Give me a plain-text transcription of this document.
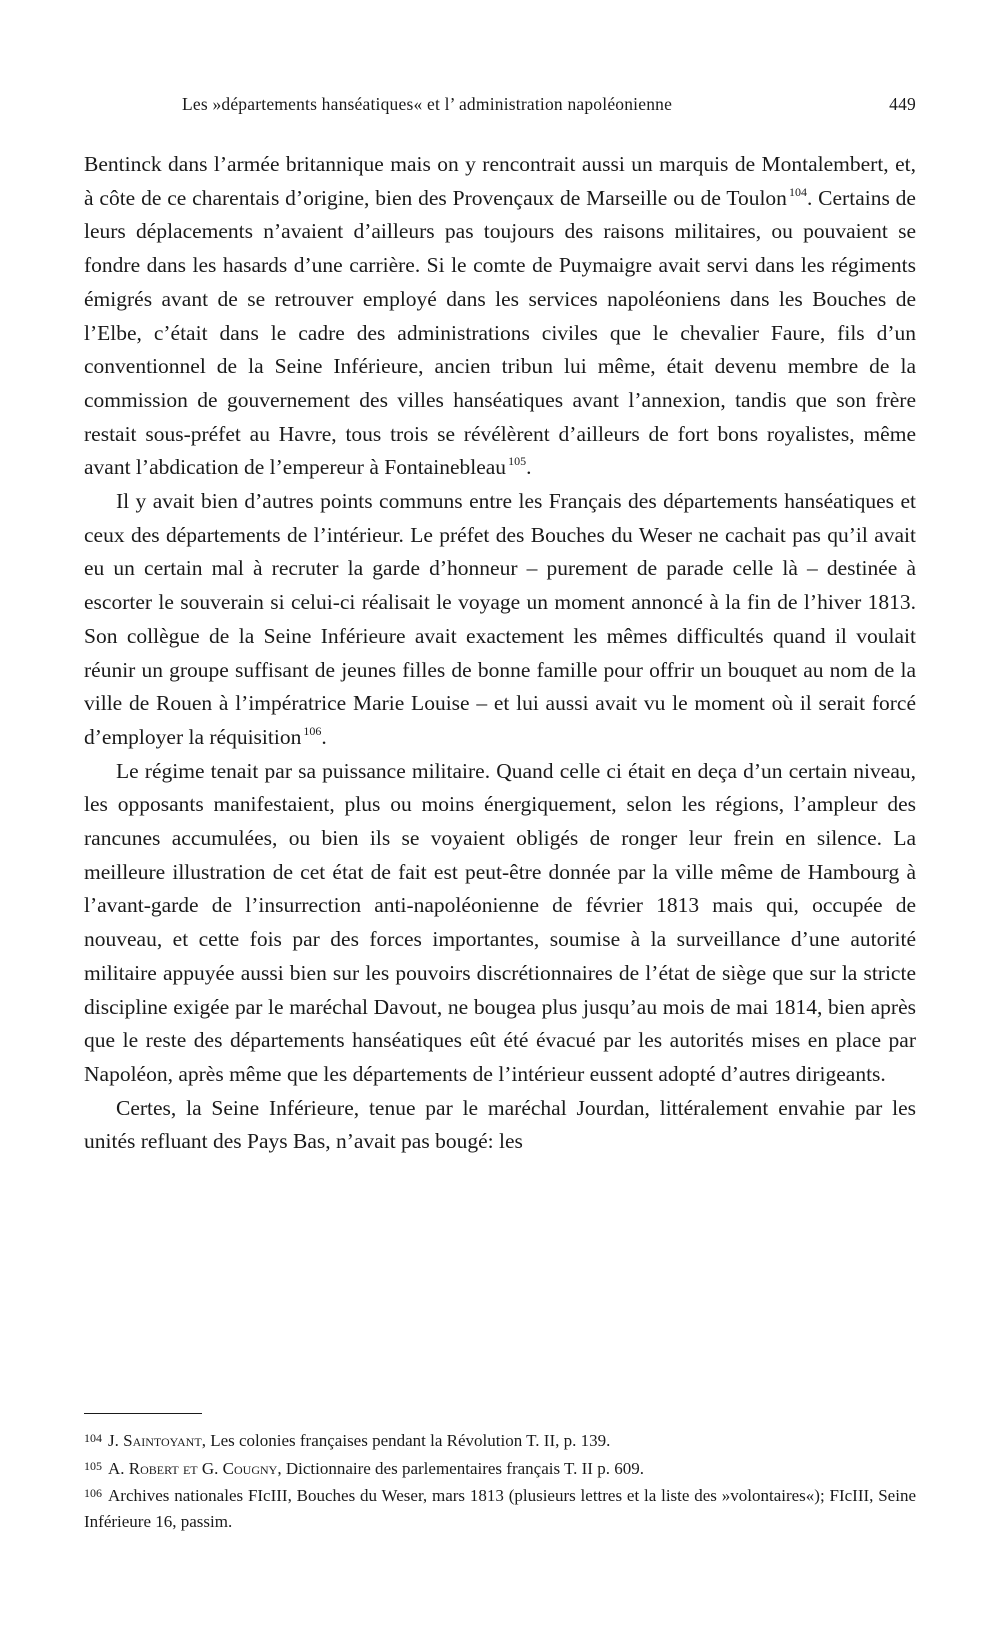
Les »départements hanséatiques« et l’ administration napoléonienne	449

Bentinck dans l’armée britannique mais on y rencontrait aussi un marquis de Montalembert, et, à côte de ce charentais d’origine, bien des Provençaux de Marseille ou de Toulon $^{104}$. Certains de leurs déplacements n’avaient d’ailleurs pas toujours des raisons militaires, ou pouvaient se fondre dans les hasards d’une carrière. Si le comte de Puymaigre avait servi dans les régiments émigrés avant de se retrouver employé dans les services napoléoniens dans les Bouches de l’Elbe, c’était dans le cadre des administrations civiles que le chevalier Faure, fils d’un conventionnel de la Seine Inférieure, ancien tribun lui même, était devenu membre de la commission de gouvernement des villes hanséatiques avant l’annexion, tandis que son frère restait sous-préfet au Havre, tous trois se révélèrent d’ailleurs de fort bons royalistes, même avant l’abdication de l’empereur à Fontainebleau $^{105}$.

Il y avait bien d’autres points communs entre les Français des départements hanséatiques et ceux des départements de l’intérieur. Le préfet des Bouches du Weser ne cachait pas qu’il avait eu un certain mal à recruter la garde d’honneur – purement de parade celle là – destinée à escorter le souverain si celui-ci réalisait le voyage un moment annoncé à la fin de l’hiver 1813. Son collègue de la Seine Inférieure avait exactement les mêmes difficultés quand il voulait réunir un groupe suffisant de jeunes filles de bonne famille pour offrir un bouquet au nom de la ville de Rouen à l’impératrice Marie Louise – et lui aussi avait vu le moment où il serait forcé d’employer la réquisition $^{106}$.

Le régime tenait par sa puissance militaire. Quand celle ci était en deça d’un certain niveau, les opposants manifestaient, plus ou moins énergiquement, selon les régions, l’ampleur des rancunes accumulées, ou bien ils se voyaient obligés de ronger leur frein en silence. La meilleure illustration de cet état de fait est peut-être donnée par la ville même de Hambourg à l’avant-garde de l’insurrection anti-napoléonienne de février 1813 mais qui, occupée de nouveau, et cette fois par des forces importantes, soumise à la surveillance d’une autorité militaire appuyée aussi bien sur les pouvoirs discrétionnaires de l’état de siège que sur la stricte discipline exigée par le maréchal Davout, ne bougea plus jusqu’au mois de mai 1814, bien après que le reste des départements hanséatiques eût été évacué par les autorités mises en place par Napoléon, après même que les départements de l’intérieur eussent adopté d’autres dirigeants.

Certes, la Seine Inférieure, tenue par le maréchal Jourdan, littéralement envahie par les unités refluant des Pays Bas, n’avait pas bougé: les

$^{104}$ J. Saintoyant, Les colonies françaises pendant la Révolution T. II, p. 139.

$^{105}$ A. Robert et G. Cougny, Dictionnaire des parlementaires français T. II p. 609.

$^{106}$ Archives nationales FIcIII, Bouches du Weser, mars 1813 (plusieurs lettres et la liste des »volontaires«); FIcIII, Seine Inférieure 16, passim.
